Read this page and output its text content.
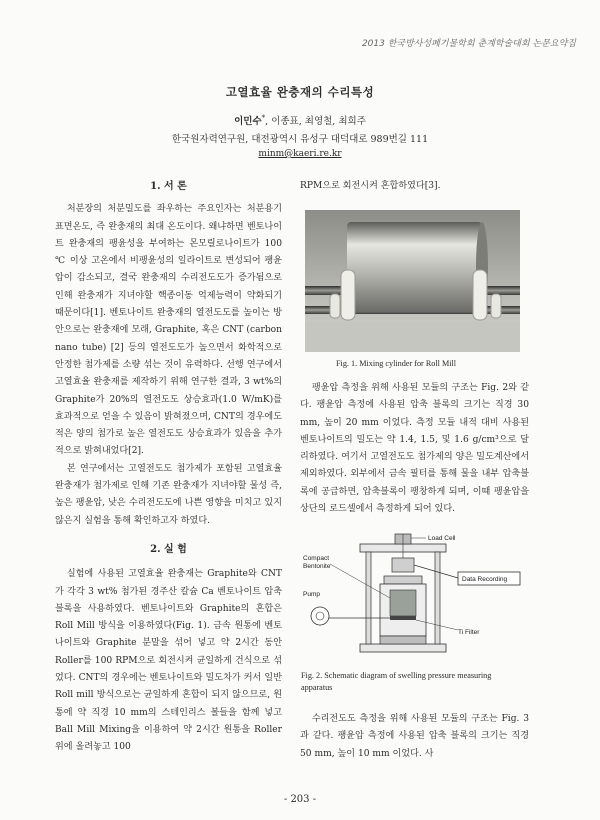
2013 한국방사성폐기물학회 춘계학술대회 논문요약집
고열효율 완충재의 수리특성
이민수*, 이종표, 최영철, 최희주
한국원자력연구원, 대전광역시 유성구 대덕대로 989번길 111
minm@kaeri.re.kr
1. 서 론

처분장의 처분밀도를 좌우하는 주요인자는 처분용기 표면온도, 즉 완충재의 최대 온도이다. 왜냐하면 벤토나이트 완충재의 팽윤성을 부여하는 몬모릴로나이트가 100 ℃ 이상 고온에서 비팽윤성의 일라이트로 변성되어 팽윤압이 감소되고, 결국 완충재의 수리전도도가 증가됨으로 인해 완충재가 지녀야할 핵종이동 억제능력이 약화되기 때문이다[1]. 벤토나이트 완충재의 열전도도를 높이는 방안으로는 완충재에 모래, Graphite, 혹은 CNT (carbon nano tube) [2] 등의 열전도도가 높으면서 화학적으로 안정한 첨가제를 소량 섞는 것이 유력하다. 선행 연구에서 고열효율 완충재를 제작하기 위해 연구한 결과, 3 wt%의 Graphite가 20%의 열전도도 상승효과(1.0 W/mK)를 효과적으로 얻을 수 있음이 밝혀졌으며, CNT의 경우에도 적은 양의 첨가로 높은 열전도도 상승효과가 있음을 추가적으로 밝혀내었다[2].

본 연구에서는 고열전도도 첨가제가 포함된 고열효율 완충재가 첨가제로 인해 기존 완충재가 지녀야할 물성 즉, 높은 팽윤압, 낮은 수리전도도에 나쁜 영향을 미치고 있지 않은지 실험을 통해 확인하고자 하였다.

2. 실 험

실험에 사용된 고열효율 완충재는 Graphite와 CNT가 각각 3 wt% 첨가된 경주산 칼슘 Ca 벤토나이트 압축블록을 사용하였다. 벤토나이트와 Graphite의 혼합은 Roll Mill 방식을 이용하였다(Fig. 1). 금속 원통에 벤토나이트와 Graphite 분말을 섞어 넣고 약 2시간 동안 Roller를 100 RPM으로 회전시켜 균일하게 건식으로 섞었다. CNT의 경우에는 벤토나이트와 밀도차가 커서 일반 Roll mill 방식으로는 균일하게 혼합이 되지 않으므로, 원통에 약 직경 10 mm의 스테인리스 볼들을 함께 넣고 Ball Mill Mixing을 이용하여 약 2시간 원통을 Roller 위에 올려놓고 100

RPM으로 회전시켜 혼합하였다[3].

Fig. 1. Mixing cylinder for Roll Mill

팽윤압 측정을 위해 사용된 모듈의 구조는 Fig. 2와 같다. 팽윤압 측정에 사용된 압축 블록의 크기는 직경 30 mm, 높이 20 mm 이었다. 측정 모듈 내적 대비 사용된 벤토나이트의 밀도는 약 1.4, 1.5, 및 1.6 g/cm³으로 달리하였다. 여기서 고열전도도 첨가제의 양은 밀도계산에서 제외하였다. 외부에서 금속 필터를 통해 물을 내부 압축블록에 공급하면, 압축블록이 팽창하게 되며, 이때 팽윤압을 상단의 로드셀에서 측정하게 되어 있다.

Load Cell
Compact
Bentonite
Data Recording
Pump
Ti Filter
Fig. 2. Schematic diagram of swelling pressure measuring apparatus

수리전도도 측정을 위해 사용된 모듈의 구조는 Fig. 3과 같다. 팽윤압 측정에 사용된 압축 블록의 크기는 직경 50 mm, 높이 10 mm 이었다. 사

- 203 -
